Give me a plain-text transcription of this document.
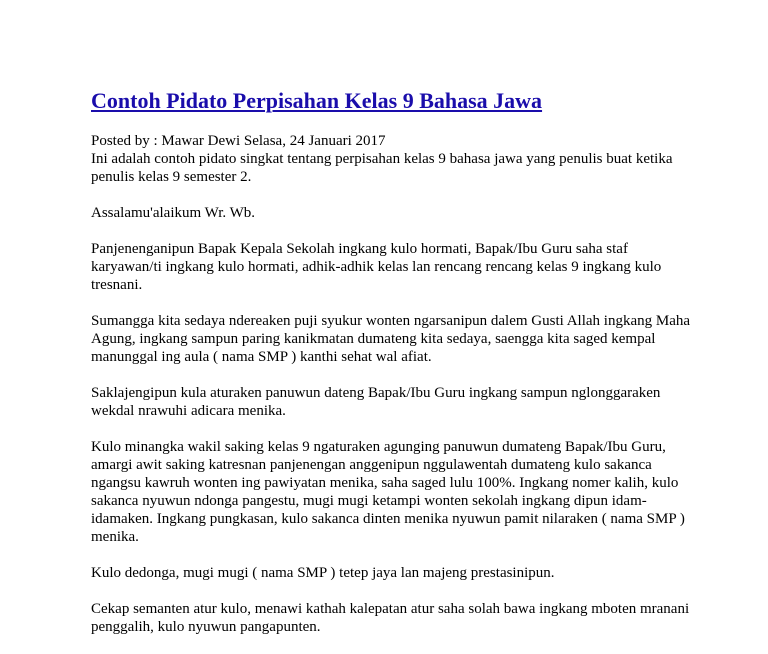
Contoh Pidato Perpisahan Kelas 9 Bahasa Jawa

Posted by : Mawar Dewi Selasa, 24 Januari 2017

Ini adalah contoh pidato singkat tentang perpisahan kelas 9 bahasa jawa yang penulis buat ketika penulis kelas 9 semester 2.

Assalamu'alaikum Wr. Wb.

Panjenenganipun Bapak Kepala Sekolah ingkang kulo hormati, Bapak/Ibu Guru saha staf karyawan/ti ingkang kulo hormati, adhik-adhik kelas lan rencang rencang kelas 9 ingkang kulo tresnani.

Sumangga kita sedaya ndereaken puji syukur wonten ngarsanipun dalem Gusti Allah ingkang Maha Agung, ingkang sampun paring kanikmatan dumateng kita sedaya, saengga kita saged kempal manunggal ing aula ( nama SMP ) kanthi sehat wal afiat.

Saklajengipun kula aturaken panuwun dateng Bapak/Ibu Guru ingkang sampun nglonggaraken wekdal nrawuhi adicara menika.

Kulo minangka wakil saking kelas 9 ngaturaken agunging panuwun dumateng Bapak/Ibu Guru, amargi awit saking katresnan panjenengan anggenipun nggulawentah dumateng kulo sakanca ngangsu kawruh wonten ing pawiyatan menika, saha saged lulu 100%. Ingkang nomer kalih, kulo sakanca nyuwun ndonga pangestu, mugi mugi ketampi wonten sekolah ingkang dipun idam-idamaken. Ingkang pungkasan, kulo sakanca dinten menika nyuwun pamit nilaraken ( nama SMP ) menika.

Kulo dedonga, mugi mugi ( nama SMP ) tetep jaya lan majeng prestasinipun.

Cekap semanten atur kulo, menawi kathah kalepatan atur saha solah bawa ingkang mboten mranani penggalih, kulo nyuwun pangapunten.
